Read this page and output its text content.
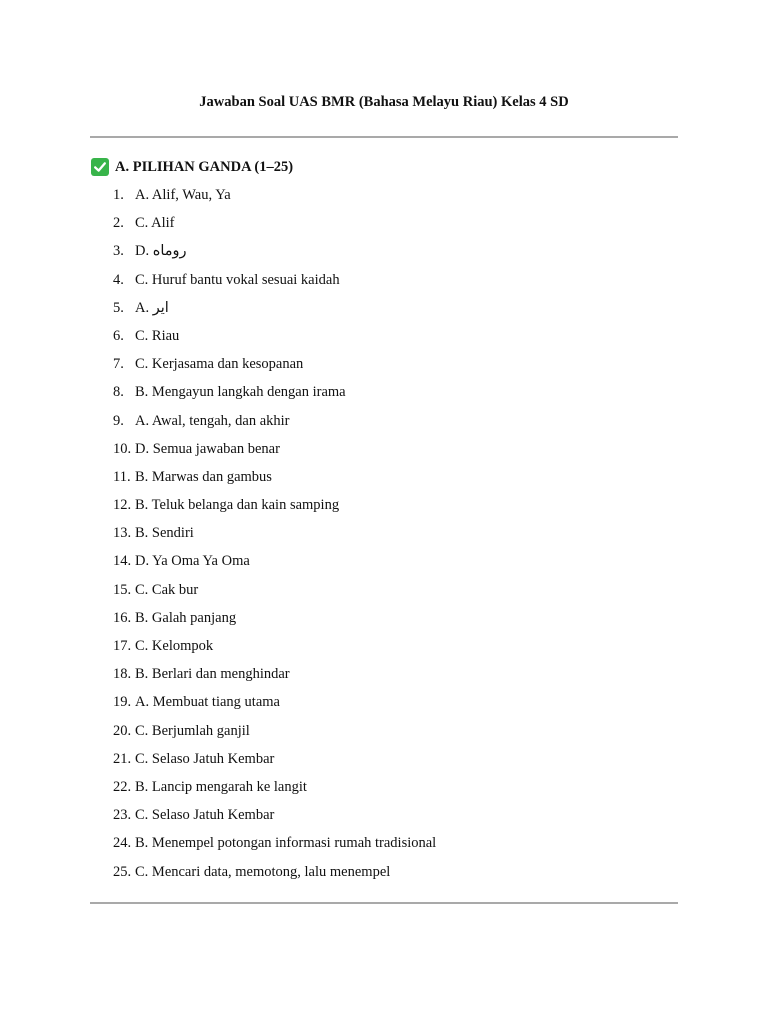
Jawaban Soal UAS BMR (Bahasa Melayu Riau) Kelas 4 SD
A. PILIHAN GANDA (1–25)
1. A. Alif, Wau, Ya
2. C. Alif
3. D. روماه
4. C. Huruf bantu vokal sesuai kaidah
5. A. اير
6. C. Riau
7. C. Kerjasama dan kesopanan
8. B. Mengayun langkah dengan irama
9. A. Awal, tengah, dan akhir
10. D. Semua jawaban benar
11. B. Marwas dan gambus
12. B. Teluk belanga dan kain samping
13. B. Sendiri
14. D. Ya Oma Ya Oma
15. C. Cak bur
16. B. Galah panjang
17. C. Kelompok
18. B. Berlari dan menghindar
19. A. Membuat tiang utama
20. C. Berjumlah ganjil
21. C. Selaso Jatuh Kembar
22. B. Lancip mengarah ke langit
23. C. Selaso Jatuh Kembar
24. B. Menempel potongan informasi rumah tradisional
25. C. Mencari data, memotong, lalu menempel
